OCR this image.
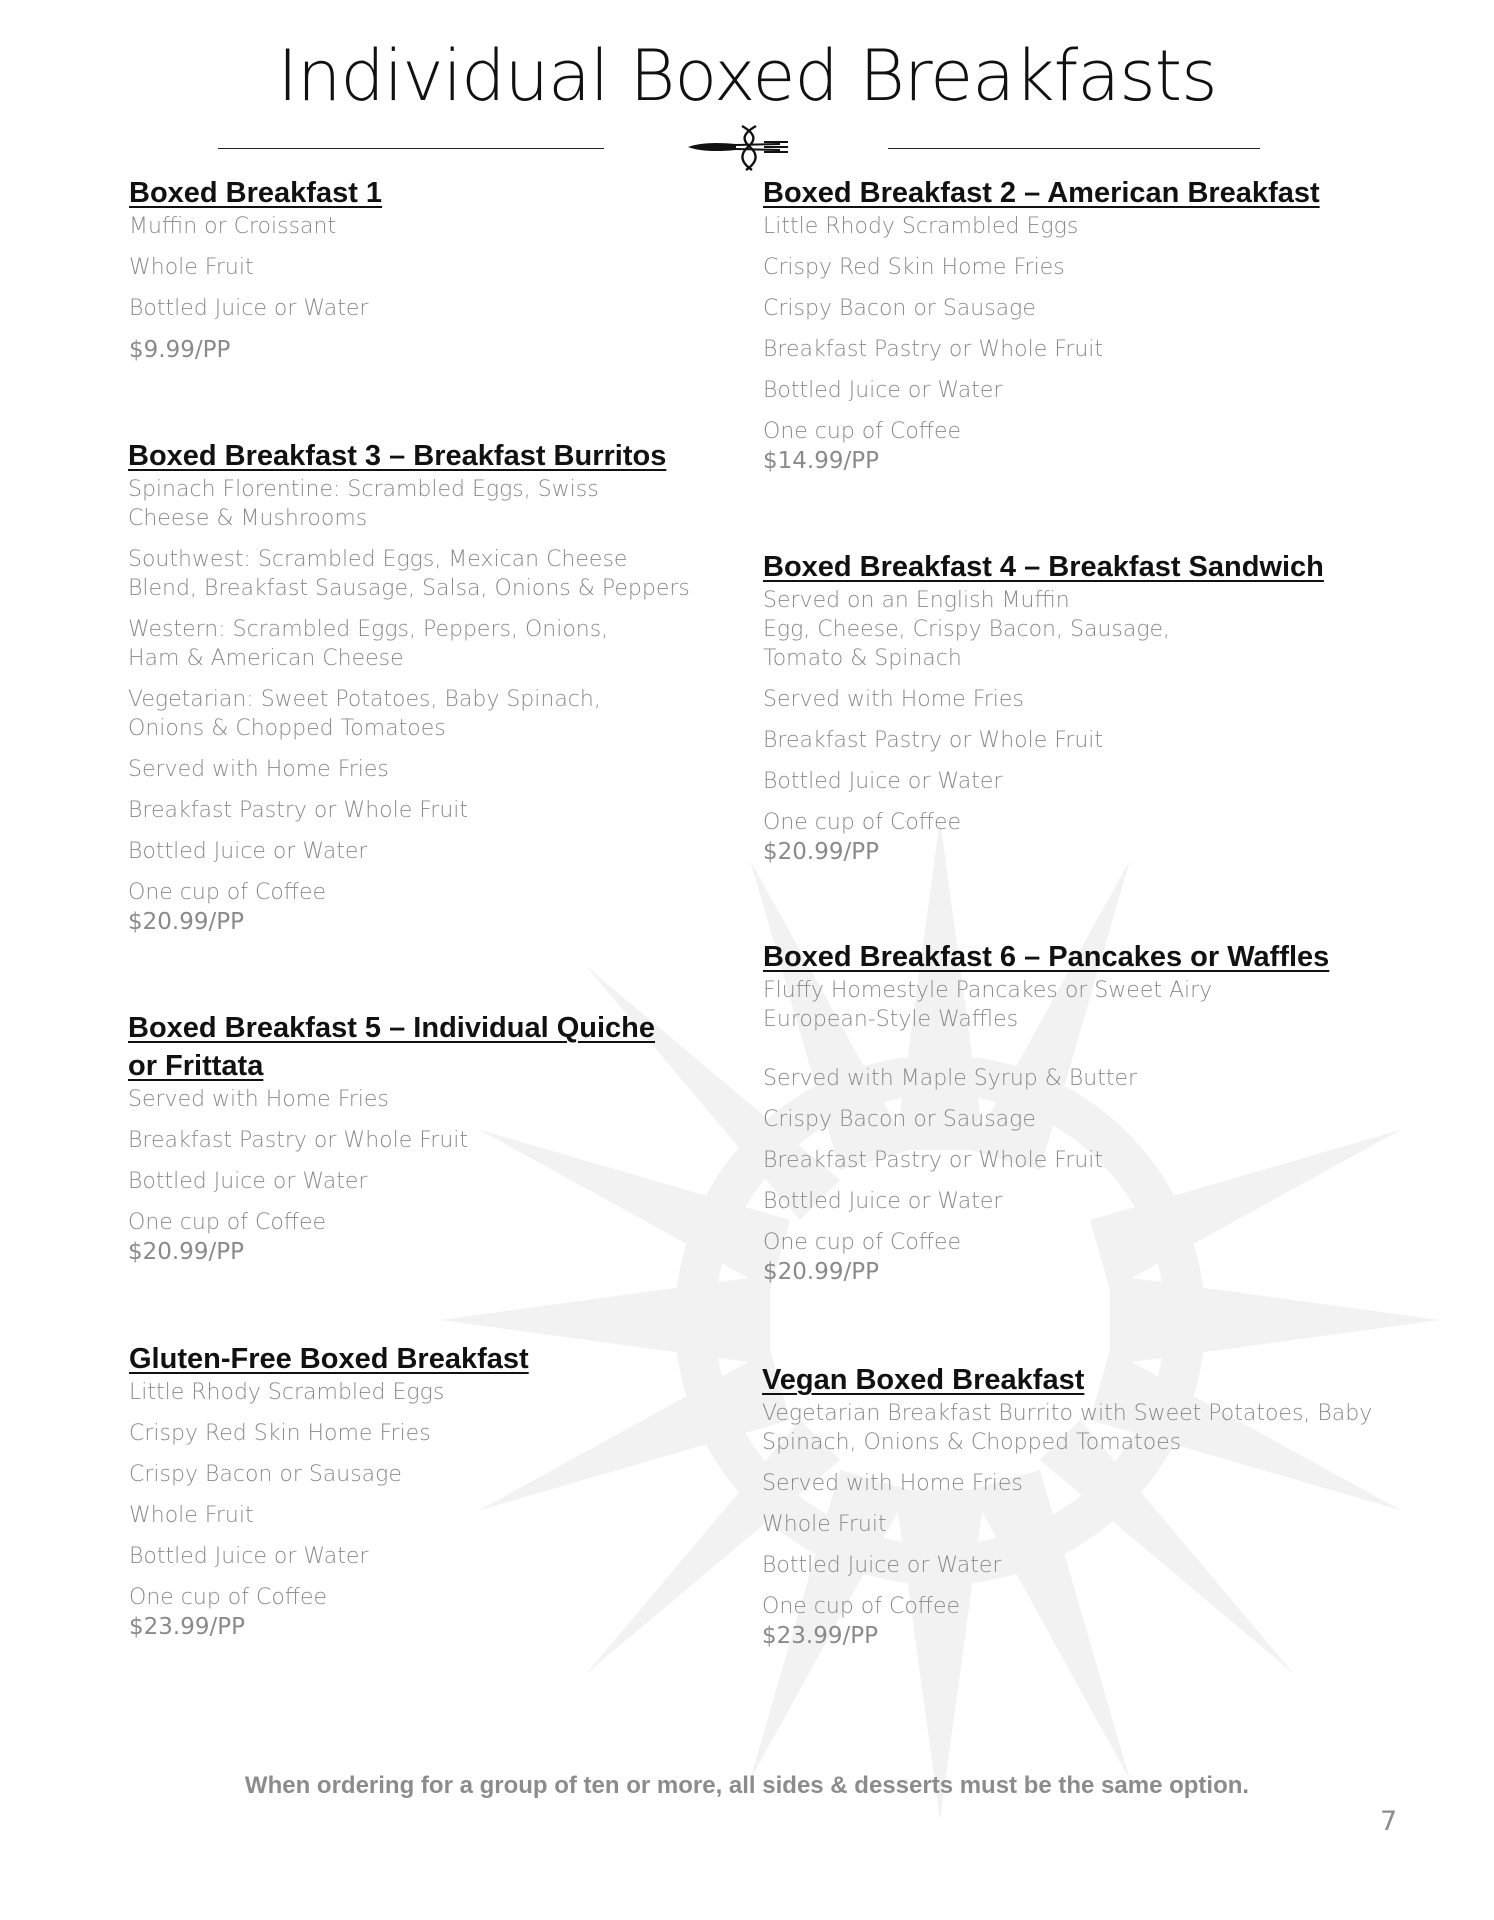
Individual Boxed Breakfasts

Boxed Breakfast 1

Muffin or Croissant

Whole Fruit

Bottled Juice or Water

$9.99/PP

Boxed Breakfast 2 – American Breakfast

Little Rhody Scrambled Eggs

Crispy Red Skin Home Fries

Crispy Bacon or Sausage

Breakfast Pastry or Whole Fruit

Bottled Juice or Water

One cup of Coffee

$14.99/PP

Boxed Breakfast 3 – Breakfast Burritos

Spinach Florentine: Scrambled Eggs, Swiss

Cheese & Mushrooms

Southwest: Scrambled Eggs, Mexican Cheese

Blend, Breakfast Sausage, Salsa, Onions & Peppers

Western: Scrambled Eggs, Peppers, Onions,

Ham & American Cheese

Vegetarian: Sweet Potatoes, Baby Spinach,

Onions & Chopped Tomatoes

Served with Home Fries

Breakfast Pastry or Whole Fruit

Bottled Juice or Water

One cup of Coffee

$20.99/PP

Boxed Breakfast 4 – Breakfast Sandwich

Served on an English Muffin

Egg, Cheese, Crispy Bacon, Sausage,

Tomato & Spinach

Served with Home Fries

Breakfast Pastry or Whole Fruit

Bottled Juice or Water

One cup of Coffee

$20.99/PP

Boxed Breakfast 6 – Pancakes or Waffles

Fluffy Homestyle Pancakes or Sweet Airy

European-Style Waffles

Served with Maple Syrup & Butter

Crispy Bacon or Sausage

Breakfast Pastry or Whole Fruit

Bottled Juice or Water

One cup of Coffee

$20.99/PP

Boxed Breakfast 5 – Individual Quiche or Frittata

Served with Home Fries

Breakfast Pastry or Whole Fruit

Bottled Juice or Water

One cup of Coffee

$20.99/PP

Gluten-Free Boxed Breakfast

Little Rhody Scrambled Eggs

Crispy Red Skin Home Fries

Crispy Bacon or Sausage

Whole Fruit

Bottled Juice or Water

One cup of Coffee

$23.99/PP

Vegan Boxed Breakfast

Vegetarian Breakfast Burrito with Sweet Potatoes, Baby

Spinach, Onions & Chopped Tomatoes

Served with Home Fries

Whole Fruit

Bottled Juice or Water

One cup of Coffee

$23.99/PP

When ordering for a group of ten or more, all sides & desserts must be the same option.

7
